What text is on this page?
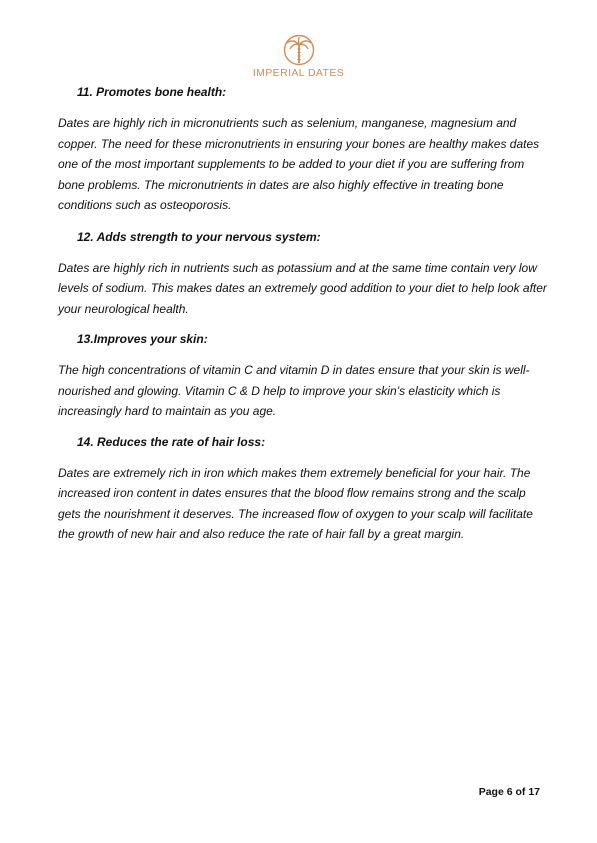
IMPERIAL DATES

11. Promotes bone health:

Dates are highly rich in micronutrients such as selenium, manganese, magnesium and copper. The need for these micronutrients in ensuring your bones are healthy makes dates one of the most important supplements to be added to your diet if you are suffering from bone problems. The micronutrients in dates are also highly effective in treating bone conditions such as osteoporosis.

12. Adds strength to your nervous system:

Dates are highly rich in nutrients such as potassium and at the same time contain very low levels of sodium. This makes dates an extremely good addition to your diet to help look after your neurological health.

13.Improves your skin:

The high concentrations of vitamin C and vitamin D in dates ensure that your skin is well-nourished and glowing. Vitamin C & D help to improve your skin’s elasticity which is increasingly hard to maintain as you age.

14. Reduces the rate of hair loss:

Dates are extremely rich in iron which makes them extremely beneficial for your hair. The increased iron content in dates ensures that the blood flow remains strong and the scalp gets the nourishment it deserves. The increased flow of oxygen to your scalp will facilitate the growth of new hair and also reduce the rate of hair fall by a great margin.

Page 6 of 17
